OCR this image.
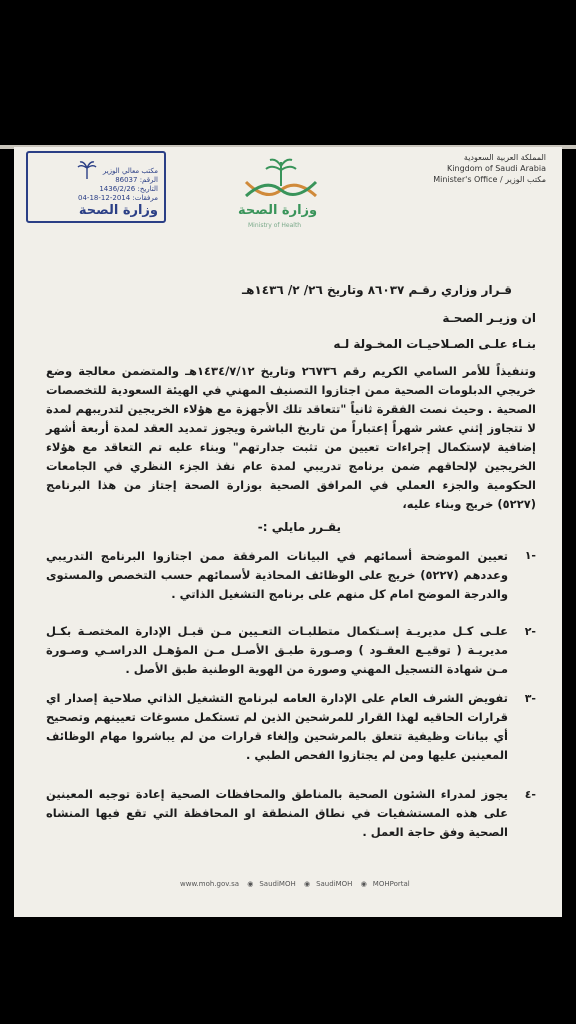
مكتب معالي الوزير
الرقم: 86037
التاريخ: 1436/2/26
مرفقات: 2014-12-18-04
وزارة الصحة	وزارة الصحة
Ministry of Health
المملكة العربية السعودية
Kingdom of Saudi Arabia
مكتب الوزير / Minister's Office
قـرار وزاري رقـم ٨٦٠٣٧ وتاريخ ٢٦/ ٢/ ١٤٣٦هـ
ان وزيـر الصحـة
بنـاء علـى الصـلاحيـات المخـولة لـه
وتنفيذاً للأمر السامي الكريم رقم ٢٦٧٣٦ وتاريخ ١٤٣٤/٧/١٢هـ والمتضمن معالجة وضع خريجي الدبلومات الصحية ممن اجتازوا التصنيف المهني في الهيئة السعودية للتخصصات الصحية . وحيث نصت الفقرة ثانياً "تتعاقد تلك الأجهزة مع هؤلاء الخريجين لتدريبهم لمدة لا تتجاوز إثني عشر شهراً إعتباراً من تاريخ الباشرة ويجوز تمديد العقد لمدة أربعة أشهر إضافية لإستكمال إجراءات تعيين من تثبت جدارتهم" وبناء عليه تم التعاقد مع هؤلاء الخريجين لإلحاقهم ضمن برنامج تدريبي لمدة عام نفذ الجزء النظري في الجامعات الحكومية والجزء العملي في المرافق الصحية بوزارة الصحة إجتاز من هذا البرنامج (٥٢٢٧) خريج وبناء عليه،
يقـرر مايلي :-
١-
تعيين الموضحة أسمائهم في البيانات المرفقة ممن اجتازوا البرنامج التدريبي وعددهم (٥٢٢٧) خريج على الوظائف المحاذية لأسمائهم حسب التخصص والمستوى والدرجة الموضح امام كل منهم على برنامج التشغيل الذاتي .
٢-
علـى كـل مديريـة إسـتكمال متطلبـات التعـيين مـن قبـل الإدارة المختصـة بكـل مديريـة ( توقيـع العقـود ) وصـورة طبـق الأصـل مـن المؤهـل الدراسـي وصـورة مـن شهادة التسجيل المهني وصورة من الهوية الوطنية طبق الأصل .
٣-
تفويض الشرف العام على الإدارة العامه لبرنامج التشغيل الذاتي صلاحية إصدار اي قرارات الحاقيه لهذا القرار للمرشحين الذين لم تستكمل مسوغات تعيينهم وتصحيح أي بيانات وظيفية تتعلق بالمرشحين وإلغاء قرارات من لم يباشروا مهام الوظائف المعينين عليها ومن لم يجتازوا الفحص الطبي .
٤-
يجوز لمدراء الشئون الصحية بالمناطق والمحافظات الصحية إعادة توجيه المعينين على هذه المستشفيات في نطاق المنطقة او المحافظة التي تقع فيها المنشاه الصحية وفق حاجة العمل .
www.moh.gov.sa ◉ SaudiMOH ◉ SaudiMOH ◉ MOHPortal
